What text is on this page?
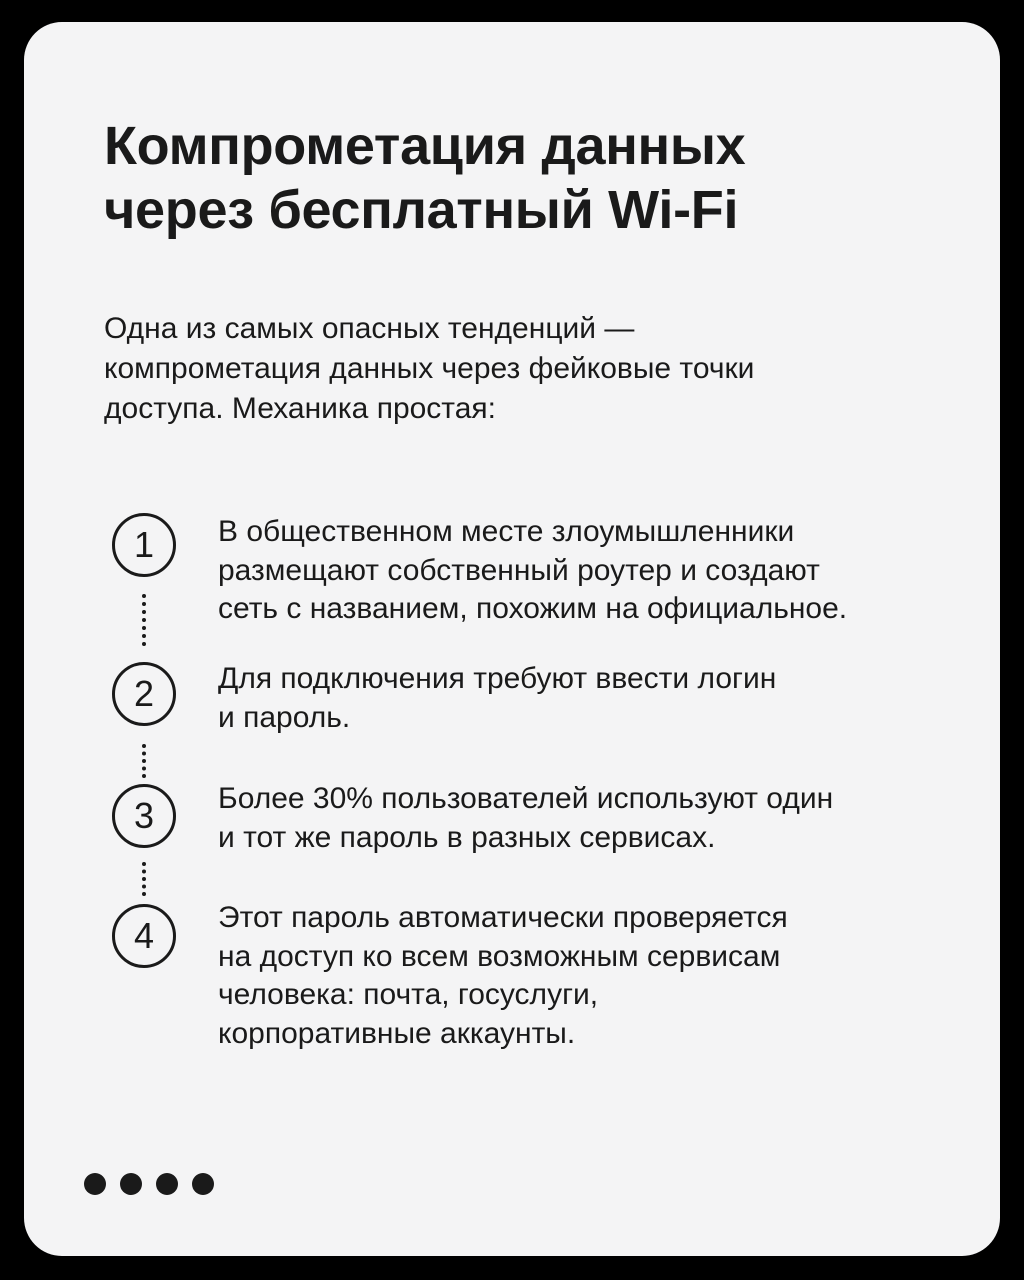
Компрометация данных
через бесплатный Wi-Fi
Одна из самых опасных тенденций —
компрометация данных через фейковые точки
доступа. Механика простая:
1	В общественном месте злоумышленники
размещают собственный роутер и создают
сеть с названием, похожим на официальное.
2	Для подключения требуют ввести логин
и пароль.
3	Более 30% пользователей используют один
и тот же пароль в разных сервисах.
4	Этот пароль автоматически проверяется
на доступ ко всем возможным сервисам
человека: почта, госуслуги,
корпоративные аккаунты.
